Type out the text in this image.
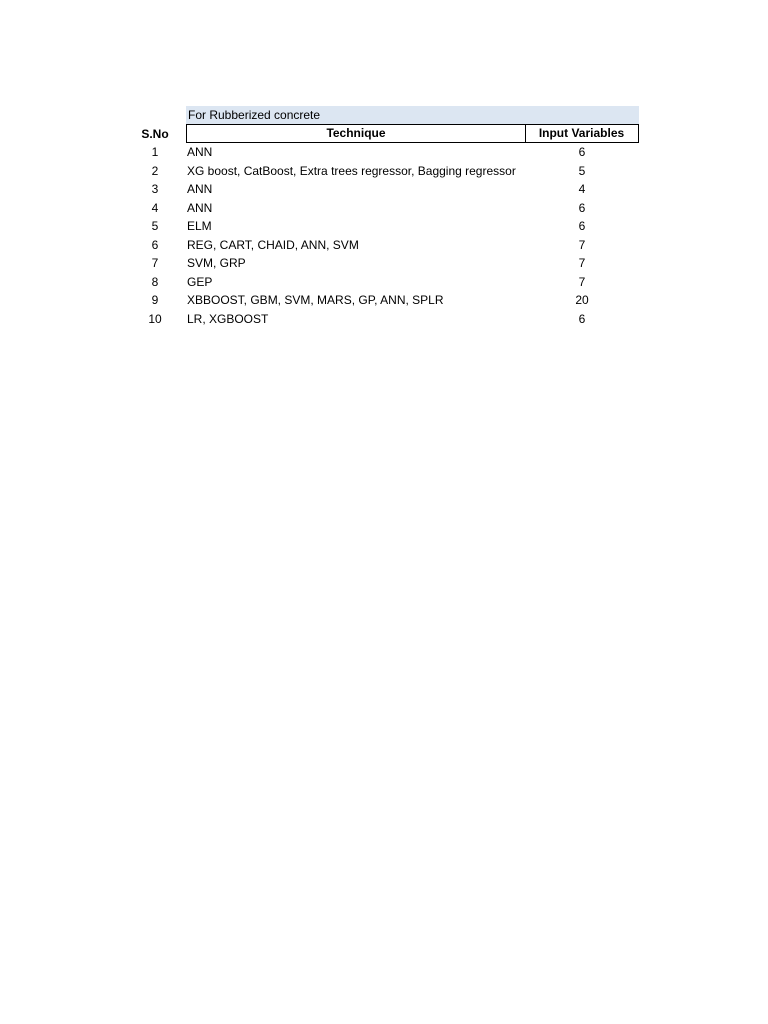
For Rubberized concrete
S.No	Technique	Input Variables
1	ANN	6
2	XG boost, CatBoost, Extra trees regressor, Bagging regressor	5
3	ANN	4
4	ANN	6
5	ELM	6
6	REG, CART, CHAID, ANN, SVM	7
7	SVM, GRP	7
8	GEP	7
9	XBBOOST, GBM, SVM, MARS, GP, ANN, SPLR	20
10	LR, XGBOOST	6
